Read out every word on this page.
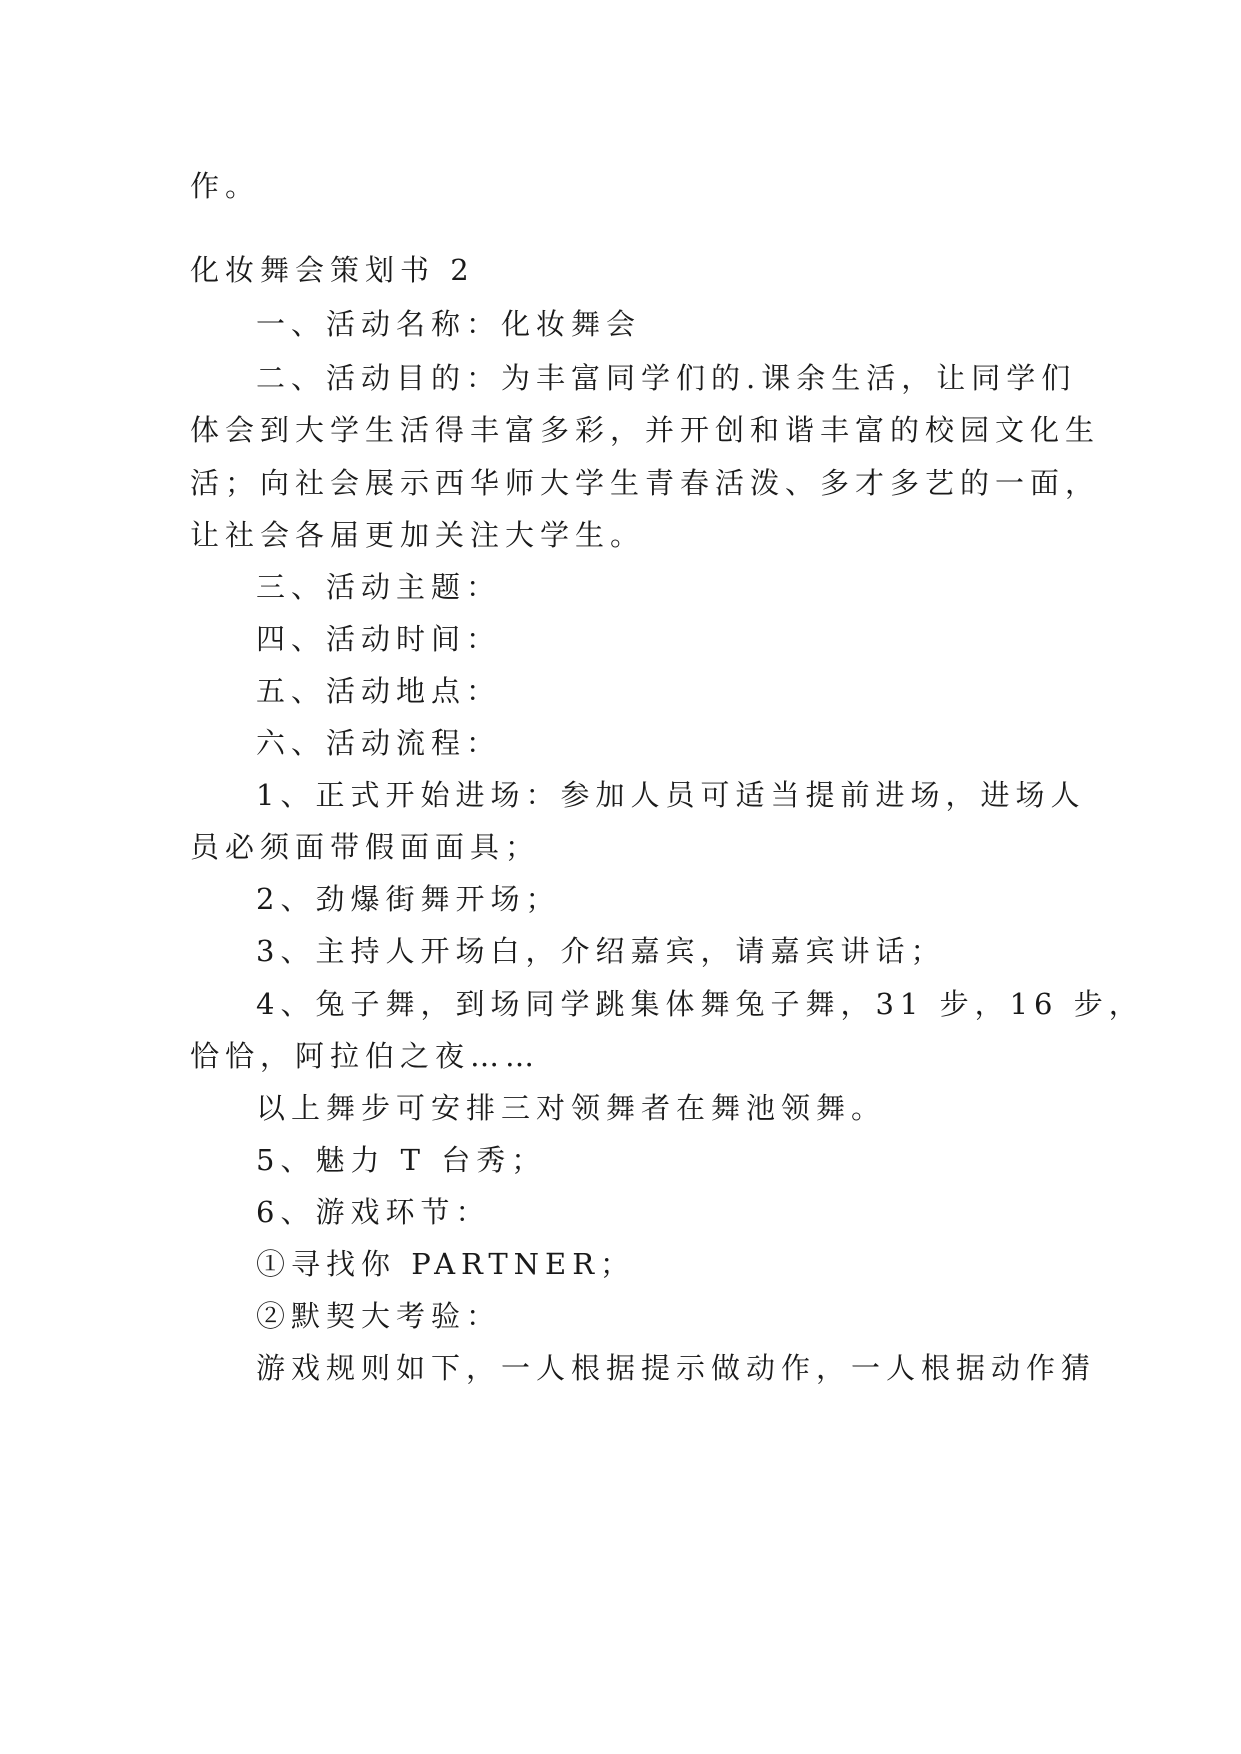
作。
化妆舞会策划书 2
一、活动名称：化妆舞会
二、活动目的：为丰富同学们的.课余生活，让同学们
体会到大学生活得丰富多彩，并开创和谐丰富的校园文化生
活；向社会展示西华师大学生青春活泼、多才多艺的一面，
让社会各届更加关注大学生。
三、活动主题：
四、活动时间：
五、活动地点：
六、活动流程：
1、正式开始进场：参加人员可适当提前进场，进场人
员必须面带假面面具；
2、劲爆街舞开场；
3、主持人开场白，介绍嘉宾，请嘉宾讲话；
4、兔子舞，到场同学跳集体舞兔子舞，31 步，16 步，
恰恰，阿拉伯之夜……
以上舞步可安排三对领舞者在舞池领舞。
5、魅力 T 台秀；
6、游戏环节：
①寻找你 PARTNER；
②默契大考验：
游戏规则如下，一人根据提示做动作，一人根据动作猜
